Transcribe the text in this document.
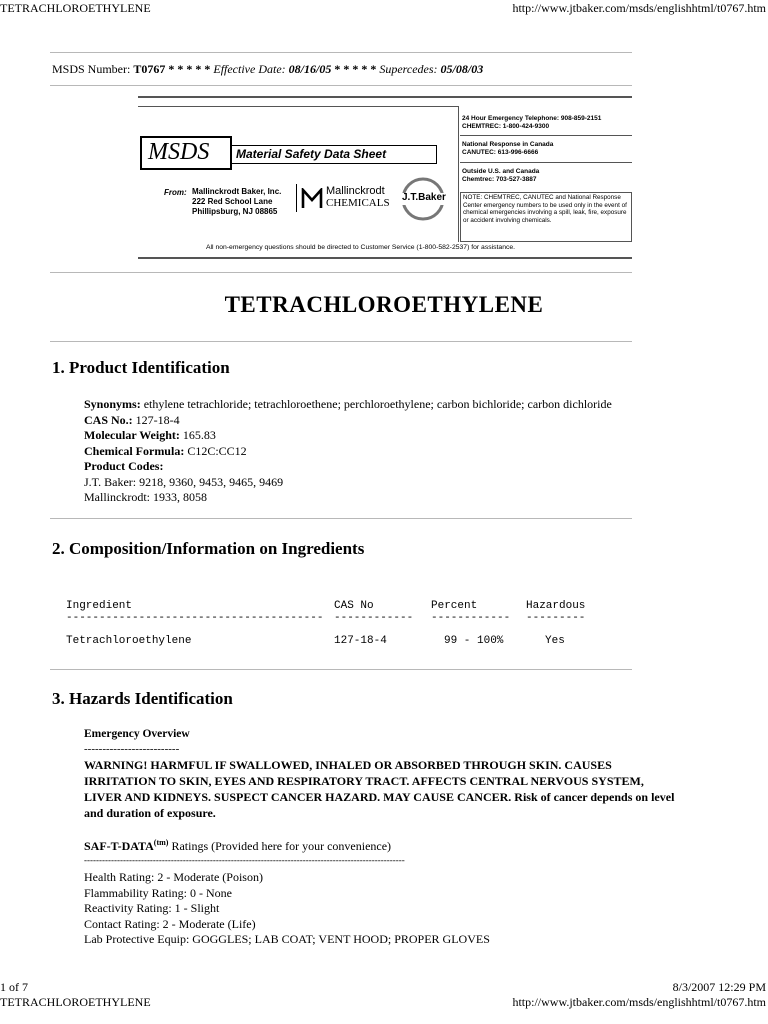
TETRACHLOROETHYLENE	http://www.jtbaker.com/msds/englishhtml/t0767.htm
MSDS Number: T0767 * * * * * Effective Date: 08/16/05 * * * * * Supercedes: 05/08/03
MSDS	Material Safety Data Sheet
From: Mallinckrodt Baker, Inc.
222 Red School Lane
Phillipsburg, NJ 08865
Mallinckrodt
CHEMICALS J.T.Baker
24 Hour Emergency Telephone: 908-859-2151
CHEMTREC: 1-800-424-9300
National Response in Canada
CANUTEC: 613-996-6666
Outside U.S. and Canada
Chemtrec: 703-527-3887
NOTE: CHEMTREC, CANUTEC and National Response Center emergency numbers to be used only in the event of chemical emergencies involving a spill, leak, fire, exposure or accident involving chemicals.
All non-emergency questions should be directed to Customer Service (1-800-582-2537) for assistance.
TETRACHLOROETHYLENE
1. Product Identification
Synonyms: ethylene tetrachloride; tetrachloroethene; perchloroethylene; carbon bichloride; carbon dichloride
CAS No.: 127-18-4
Molecular Weight: 165.83
Chemical Formula: C12C:CC12
Product Codes:
J.T. Baker: 9218, 9360, 9453, 9465, 9469
Mallinckrodt: 1933, 8058
2. Composition/Information on Ingredients
Ingredient	CAS No	Percent	Hazardous
--------------------------------------- ------------ ------------ ---------
Tetrachloroethylene	127-18-4	99 - 100%	Yes
3. Hazards Identification
Emergency Overview
--------------------------
WARNING! HARMFUL IF SWALLOWED, INHALED OR ABSORBED THROUGH SKIN. CAUSES IRRITATION TO SKIN, EYES AND RESPIRATORY TRACT. AFFECTS CENTRAL NERVOUS SYSTEM, LIVER AND KIDNEYS. SUSPECT CANCER HAZARD. MAY CAUSE CANCER. Risk of cancer depends on level and duration of exposure.
SAF-$T-DATA^{(tm)}$ Ratings (Provided here for your convenience)
-----------------------------------------------------------------------------------------------------------
Health Rating: 2 - Moderate (Poison)
Flammability Rating: 0 - None
Reactivity Rating: 1 - Slight
Contact Rating: 2 - Moderate (Life)
Lab Protective Equip: GOGGLES; LAB COAT; VENT HOOD; PROPER GLOVES
1 of 7	8/3/2007 12:29 PM
TETRACHLOROETHYLENE	http://www.jtbaker.com/msds/englishhtml/t0767.htm
